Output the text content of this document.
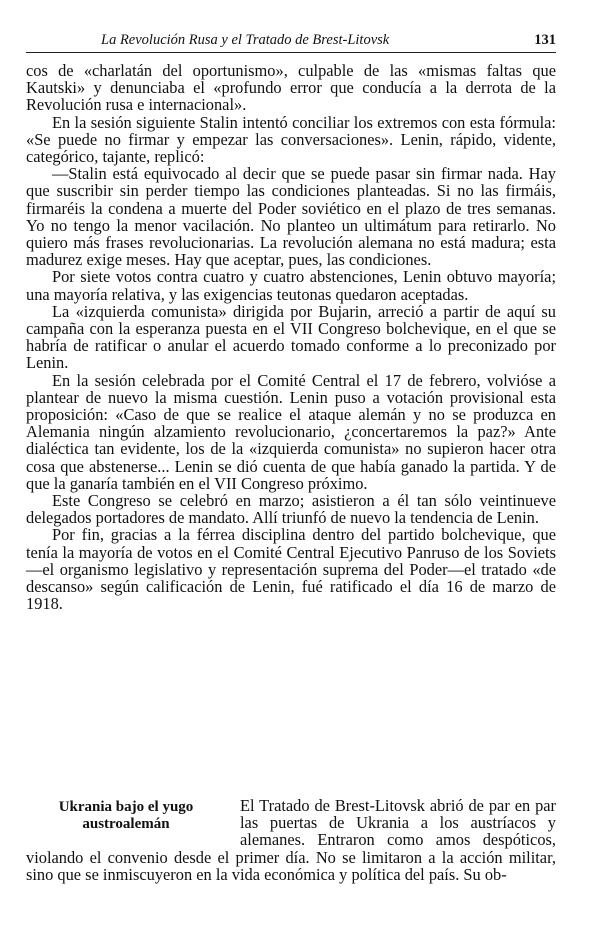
La Revolución Rusa y el Tratado de Brest-Litovsk	131

cos de «charlatán del oportunismo», culpable de las «mismas faltas que Kautski» y denunciaba el «profundo error que conducía a la derrota de la Revolución rusa e internacional».

En la sesión siguiente Stalin intentó conciliar los extremos con esta fórmula: «Se puede no firmar y empezar las conversaciones». Lenin, rápido, vidente, categórico, tajante, replicó:

—Stalin está equivocado al decir que se puede pasar sin firmar nada. Hay que suscribir sin perder tiempo las condiciones planteadas. Si no las firmáis, firmaréis la condena a muerte del Poder soviético en el plazo de tres semanas. Yo no tengo la menor vacilación. No planteo un ultimátum para retirarlo. No quiero más frases revolucionarias. La revolución alemana no está madura; esta madurez exige meses. Hay que aceptar, pues, las condiciones.

Por siete votos contra cuatro y cuatro abstenciones, Lenin obtuvo mayoría; una mayoría relativa, y las exigencias teutonas quedaron aceptadas.

La «izquierda comunista» dirigida por Bujarin, arreció a partir de aquí su campaña con la esperanza puesta en el VII Congreso bolchevique, en el que se habría de ratificar o anular el acuerdo tomado conforme a lo preconizado por Lenin.

En la sesión celebrada por el Comité Central el 17 de febrero, volvióse a plantear de nuevo la misma cuestión. Lenin puso a votación provisional esta proposición: «Caso de que se realice el ataque alemán y no se produzca en Alemania ningún alzamiento revolucionario, ¿concertaremos la paz?» Ante dialéctica tan evidente, los de la «izquierda comunista» no supieron hacer otra cosa que abstenerse... Lenin se dió cuenta de que había ganado la partida. Y de que la ganaría también en el VII Congreso próximo.

Este Congreso se celebró en marzo; asistieron a él tan sólo veintinueve delegados portadores de mandato. Allí triunfó de nuevo la tendencia de Lenin.

Por fin, gracias a la férrea disciplina dentro del partido bolchevique, que tenía la mayoría de votos en el Comité Central Ejecutivo Panruso de los Soviets—el organismo legislativo y representación suprema del Poder—el tratado «de descanso» según calificación de Lenin, fué ratificado el día 16 de marzo de 1918.

Ukrania bajo el yugo austroalemán

El Tratado de Brest-Litovsk abrió de par en par las puertas de Ukrania a los austríacos y alemanes. Entraron como amos despóticos, violando el convenio desde el primer día. No se limitaron a la acción militar, sino que se inmiscuyeron en la vida económica y política del país. Su ob-
